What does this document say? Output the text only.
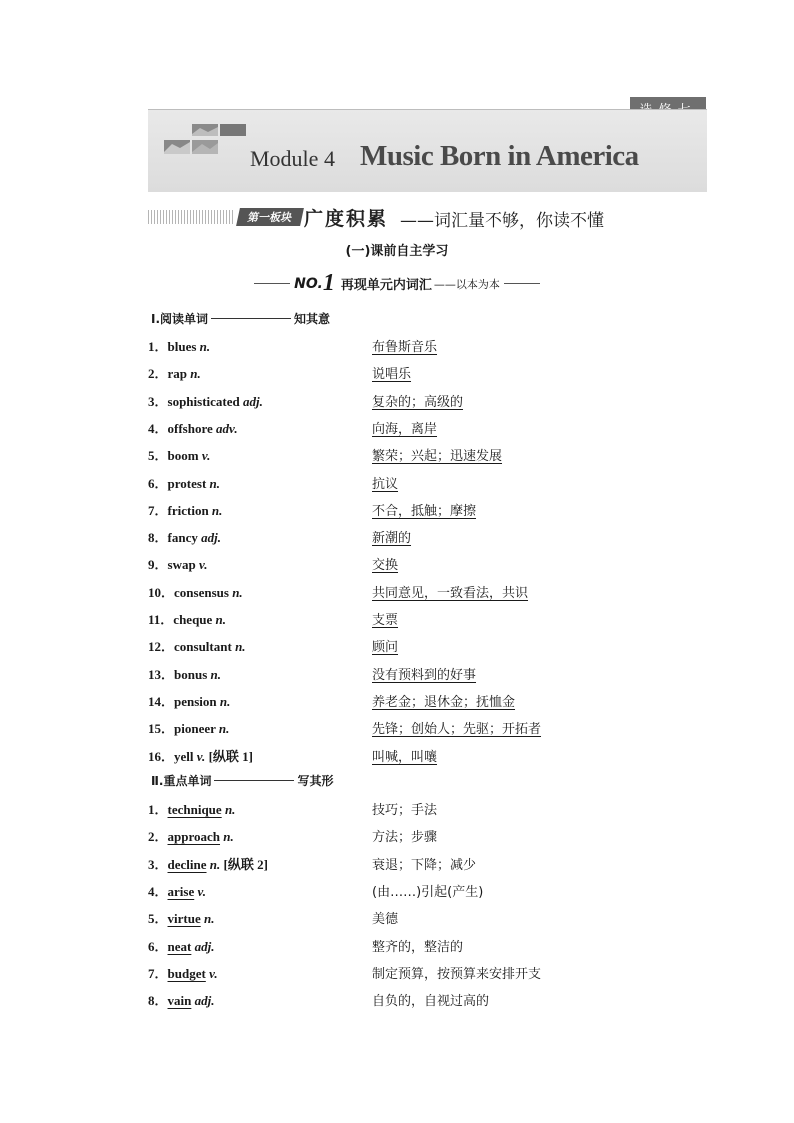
Module 4 Music Born in America
第一板块 广度积累 ——词汇量不够，你读不懂
(一)课前自主学习
NO. 1 再现单元内词汇 ——以本为本
Ⅰ.阅读单词	知其意
Ⅱ.重点单词	写其形
1．blues n.	布鲁斯音乐
2．rap n.	说唱乐
3．sophisticated adj.	复杂的；高级的
4．offshore adv.	向海，离岸
5．boom v.	繁荣；兴起；迅速发展
6．protest n.	抗议
7．friction n.	不合，抵触；摩擦
8．fancy adj.	新潮的
9．swap v.	交换
10．consensus n.	共同意见，一致看法，共识
11．cheque n.	支票
12．consultant n.	顾问
13．bonus n.	没有预料到的好事
14．pension n.	养老金；退休金；抚恤金
15．pioneer n.	先锋；创始人；先驱；开拓者
16．yell v. [纵联 1]	叫喊，叫嚷
1．technique n.	技巧；手法
2．approach n.	方法；步骤
3．decline n. [纵联 2]	衰退；下降；减少
4．arise v.	(由……)引起(产生)
5．virtue n.	美德
6．neat adj.	整齐的，整洁的
7．budget v.	制定预算，按预算来安排开支
8．vain adj.	自负的，自视过高的
